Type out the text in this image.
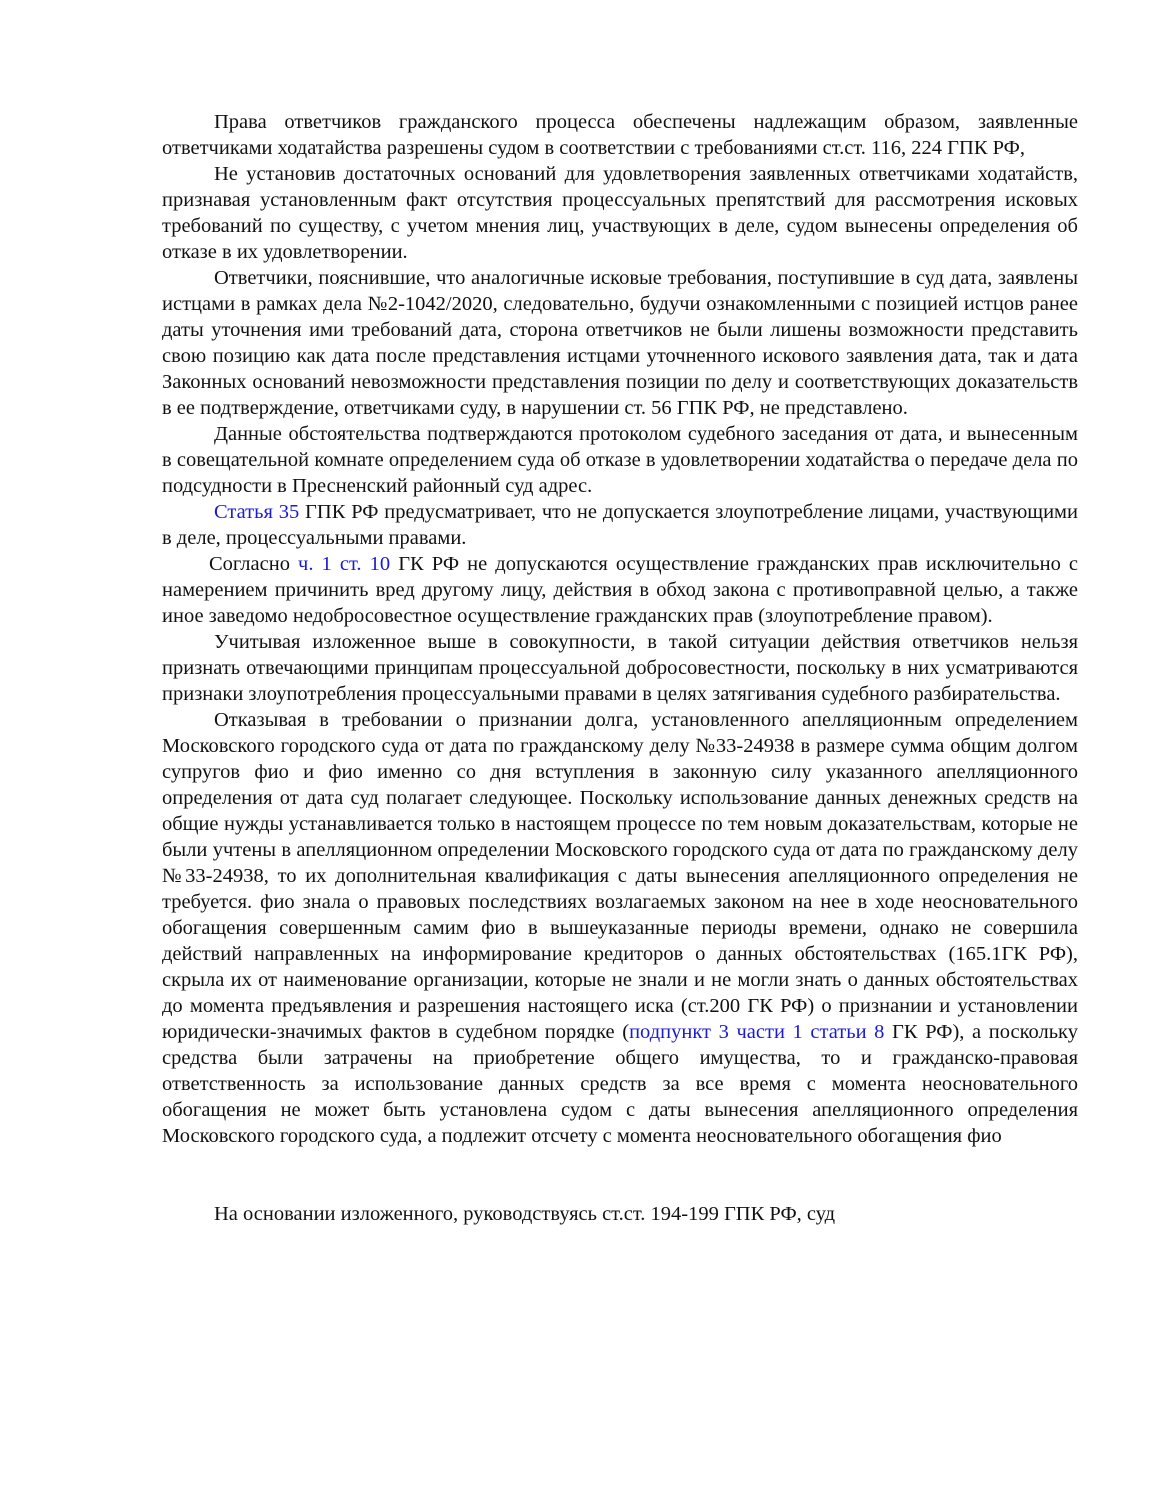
Права ответчиков гражданского процесса обеспечены надлежащим образом, заявленные ответчиками ходатайства разрешены судом в соответствии с требованиями ст.ст. 116, 224 ГПК РФ,

Не установив достаточных оснований для удовлетворения заявленных ответчиками ходатайств, признавая установленным факт отсутствия процессуальных препятствий для рассмотрения исковых требований по существу, с учетом мнения лиц, участвующих в деле, судом вынесены определения об отказе в их удовлетворении.

Ответчики, пояснившие, что аналогичные исковые требования, поступившие в суд дата, заявлены истцами в рамках дела №2-1042/2020, следовательно, будучи ознакомленными с позицией истцов ранее даты уточнения ими требований дата, сторона ответчиков не были лишены возможности представить свою позицию как дата после представления истцами уточненного искового заявления дата, так и дата Законных оснований невозможности представления позиции по делу и соответствующих доказательств в ее подтверждение, ответчиками суду, в нарушении ст. 56 ГПК РФ, не представлено.

Данные обстоятельства подтверждаются протоколом судебного заседания от дата, и вынесенным в совещательной комнате определением суда об отказе в удовлетворении ходатайства о передаче дела по подсудности в Пресненский районный суд адрес.

Статья 35 ГПК РФ предусматривает, что не допускается злоупотребление лицами, участвующими в деле, процессуальными правами.

Согласно ч. 1 ст. 10 ГК РФ не допускаются осуществление гражданских прав исключительно с намерением причинить вред другому лицу, действия в обход закона с противоправной целью, а также иное заведомо недобросовестное осуществление гражданских прав (злоупотребление правом).

Учитывая изложенное выше в совокупности, в такой ситуации действия ответчиков нельзя признать отвечающими принципам процессуальной добросовестности, поскольку в них усматриваются признаки злоупотребления процессуальными правами в целях затягивания судебного разбирательства.

Отказывая в требовании о признании долга, установленного апелляционным определением Московского городского суда от дата по гражданскому делу №33-24938 в размере сумма общим долгом супругов фио и фио именно со дня вступления в законную силу указанного апелляционного определения от дата суд полагает следующее. Поскольку использование данных денежных средств на общие нужды устанавливается только в настоящем процессе по тем новым доказательствам, которые не были учтены в апелляционном определении Московского городского суда от дата по гражданскому делу №33-24938, то их дополнительная квалификация с даты вынесения апелляционного определения не требуется. фио знала о правовых последствиях возлагаемых законом на нее в ходе неосновательного обогащения совершенным самим фио в вышеуказанные периоды времени, однако не совершила действий направленных на информирование кредиторов о данных обстоятельствах (165.1ГК РФ), скрыла их от наименование организации, которые не знали и не могли знать о данных обстоятельствах до момента предъявления и разрешения настоящего иска (ст.200 ГК РФ) о признании и установлении юридически-значимых фактов в судебном порядке (подпункт 3 части 1 статьи 8 ГК РФ), а поскольку средства были затрачены на приобретение общего имущества, то и гражданско-правовая ответственность за использование данных средств за все время с момента неосновательного обогащения не может быть установлена судом с даты вынесения апелляционного определения Московского городского суда, а подлежит отсчету с момента неосновательного обогащения фио

На основании изложенного, руководствуясь ст.ст. 194-199 ГПК РФ, суд
